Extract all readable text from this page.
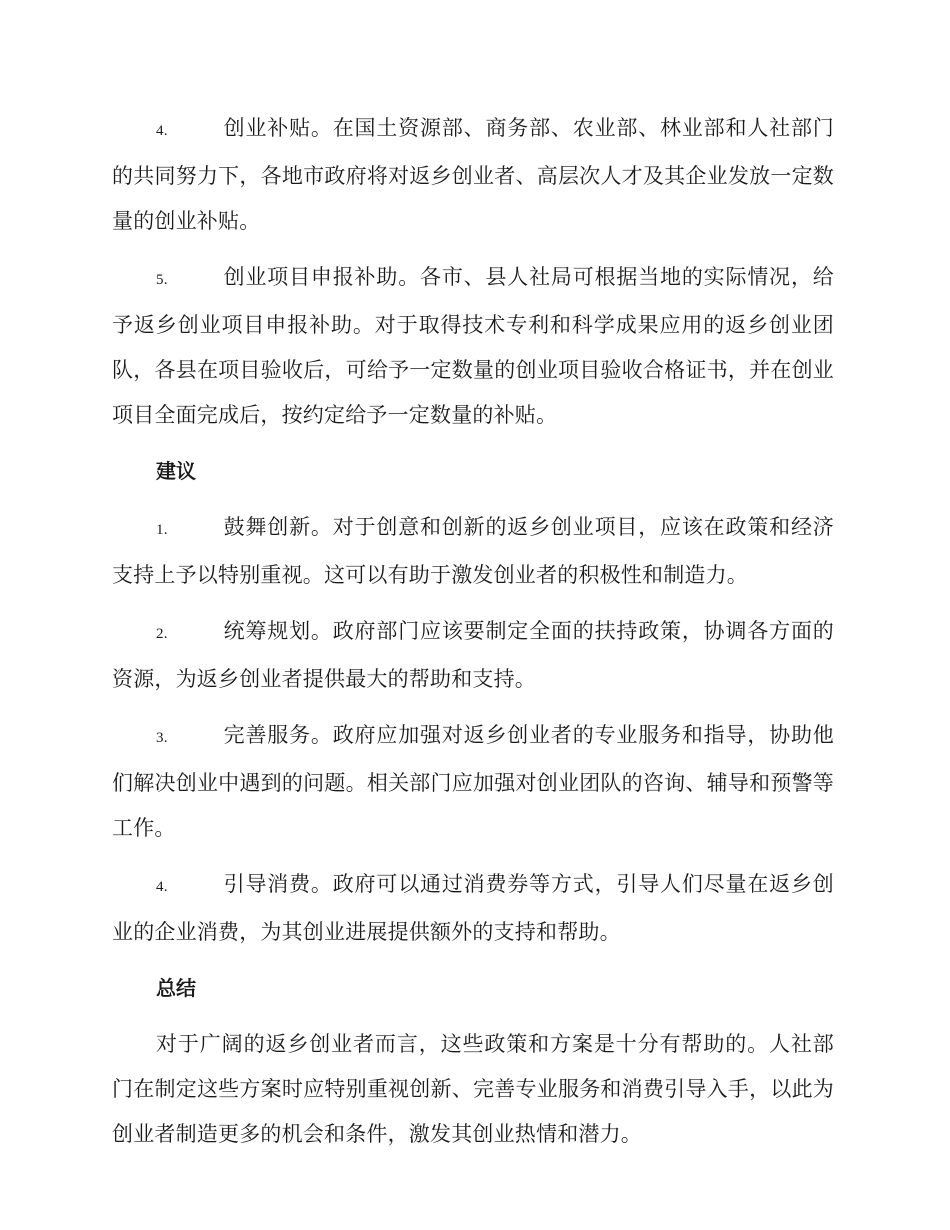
4.	创业补贴。在国土资源部、商务部、农业部、林业部和人社部门的共同努力下，各地市政府将对返乡创业者、高层次人才及其企业发放一定数量的创业补贴。

5.	创业项目申报补助。各市、县人社局可根据当地的实际情况，给予返乡创业项目申报补助。对于取得技术专利和科学成果应用的返乡创业团队，各县在项目验收后，可给予一定数量的创业项目验收合格证书，并在创业项目全面完成后，按约定给予一定数量的补贴。

建议

1.	鼓舞创新。对于创意和创新的返乡创业项目，应该在政策和经济支持上予以特别重视。这可以有助于激发创业者的积极性和制造力。

2.	统筹规划。政府部门应该要制定全面的扶持政策，协调各方面的资源，为返乡创业者提供最大的帮助和支持。

3.	完善服务。政府应加强对返乡创业者的专业服务和指导，协助他们解决创业中遇到的问题。相关部门应加强对创业团队的咨询、辅导和预警等工作。

4.	引导消费。政府可以通过消费券等方式，引导人们尽量在返乡创业的企业消费，为其创业进展提供额外的支持和帮助。

总结

对于广阔的返乡创业者而言，这些政策和方案是十分有帮助的。人社部门在制定这些方案时应特别重视创新、完善专业服务和消费引导入手，以此为创业者制造更多的机会和条件，激发其创业热情和潜力。
